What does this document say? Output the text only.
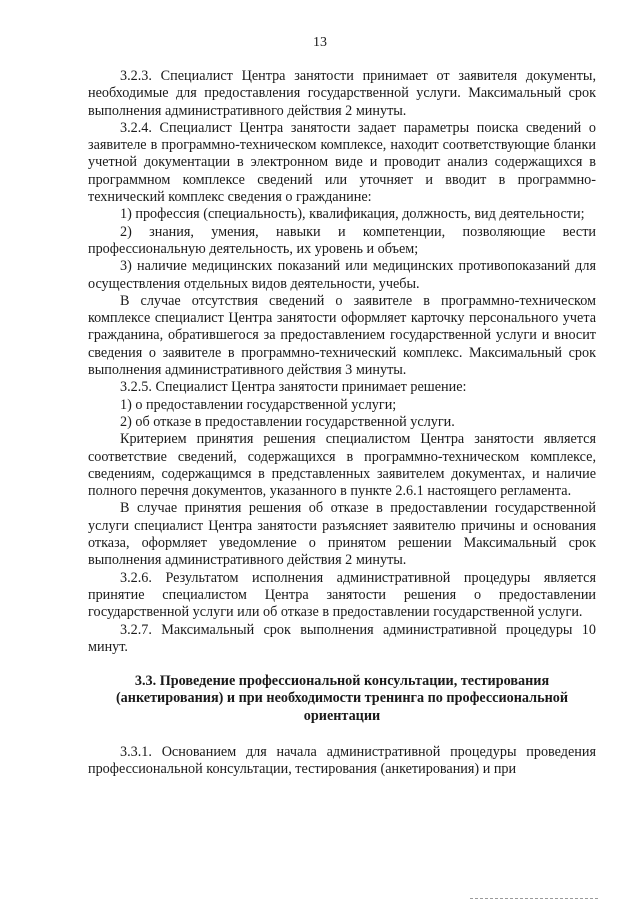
13

3.2.3. Специалист Центра занятости принимает от заявителя документы, необходимые для предоставления государственной услуги. Максимальный срок выполнения административного действия 2 минуты.

3.2.4. Специалист Центра занятости задает параметры поиска сведений о заявителе в программно-техническом комплексе, находит соответствующие бланки учетной документации в электронном виде и проводит анализ содержащихся в программном комплексе сведений или уточняет и вводит в программно-технический комплекс сведения о гражданине:

1) профессия (специальность), квалификация, должность, вид деятельности;

2) знания, умения, навыки и компетенции, позволяющие вести профессиональную деятельность, их уровень и объем;

3) наличие медицинских показаний или медицинских противопоказаний для осуществления отдельных видов деятельности, учебы.

В случае отсутствия сведений о заявителе в программно-техническом комплексе специалист Центра занятости оформляет карточку персонального учета гражданина, обратившегося за предоставлением государственной услуги и вносит сведения о заявителе в программно-технический комплекс. Максимальный срок выполнения административного действия 3 минуты.

3.2.5. Специалист Центра занятости принимает решение:

1) о предоставлении государственной услуги;

2) об отказе в предоставлении государственной услуги.

Критерием принятия решения специалистом Центра занятости является соответствие сведений, содержащихся в программно-техническом комплексе, сведениям, содержащимся в представленных заявителем документах, и наличие полного перечня документов, указанного в пункте 2.6.1 настоящего регламента.

В случае принятия решения об отказе в предоставлении государственной услуги специалист Центра занятости разъясняет заявителю причины и основания отказа, оформляет уведомление о принятом решении Максимальный срок выполнения административного действия 2 минуты.

3.2.6. Результатом исполнения административной процедуры является принятие специалистом Центра занятости решения о предоставлении государственной услуги или об отказе в предоставлении государственной услуги.

3.2.7. Максимальный срок выполнения административной процедуры 10 минут.

3.3. Проведение профессиональной консультации, тестирования (анкетирования) и при необходимости тренинга по профессиональной ориентации

3.3.1. Основанием для начала административной процедуры проведения профессиональной консультации, тестирования (анкетирования) и при
